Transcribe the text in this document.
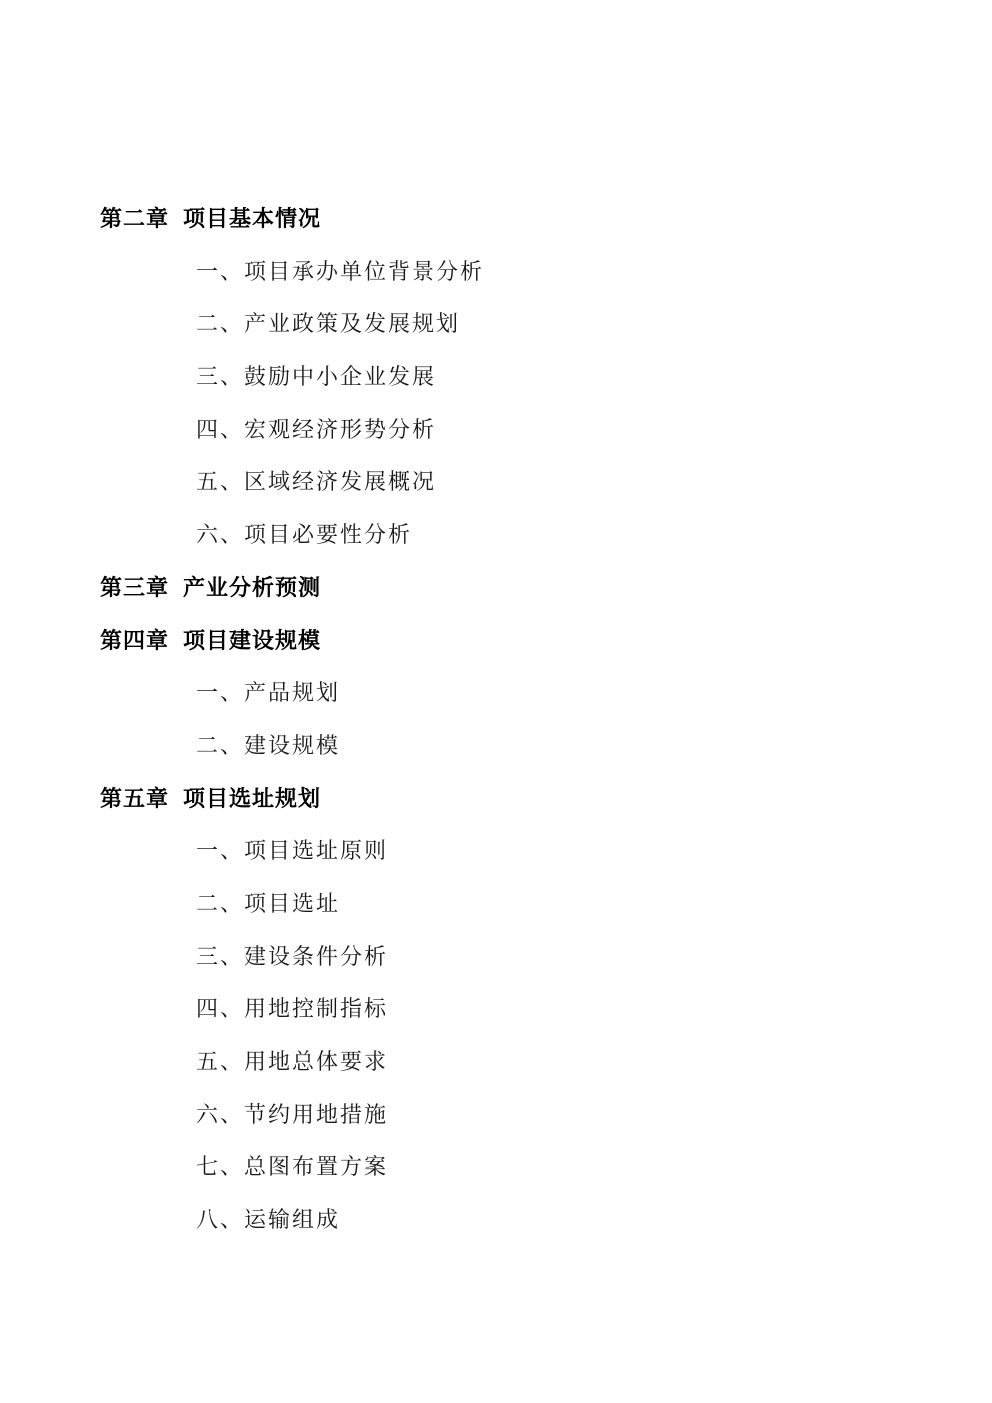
第二章 项目基本情况
一、项目承办单位背景分析
二、产业政策及发展规划
三、鼓励中小企业发展
四、宏观经济形势分析
五、区域经济发展概况
六、项目必要性分析
第三章 产业分析预测
第四章 项目建设规模
一、产品规划
二、建设规模
第五章 项目选址规划
一、项目选址原则
二、项目选址
三、建设条件分析
四、用地控制指标
五、用地总体要求
六、节约用地措施
七、总图布置方案
八、运输组成
